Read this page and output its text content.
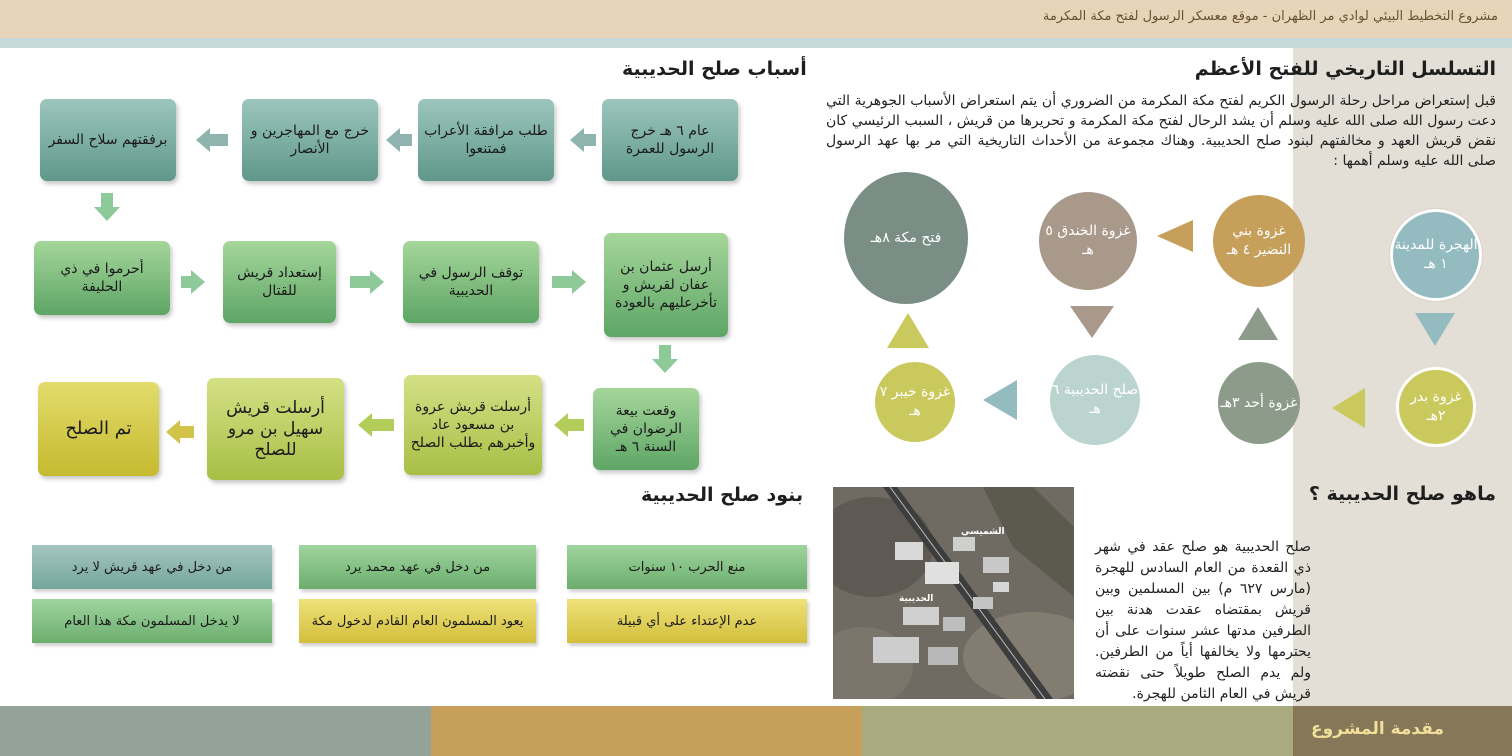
مشروع التخطيط البيئي لوادي مر الظهران - موقع معسكر الرسول لفتح مكة المكرمة
التسلسل التاريخي للفتح الأعظم
قبل إستعراض مراحل رحلة الرسول الكريم لفتح مكة المكرمة من الضروري أن يتم استعراض الأسباب الجوهرية التي دعت رسول الله صلى الله عليه وسلم أن يشد الرحال لفتح مكة المكرمة و تحريرها من قريش ، السبب الرئيسي كان نقض قريش العهد و مخالفتهم لبنود صلح الحديبية. وهناك مجموعة من الأحداث التاريخية التي مر بها عهد الرسول صلى الله عليه وسلم أهمها :
الهجرة للمدينة ١ هـ
غزوة بني النضير ٤ هـ
غزوة الخندق ٥ هـ
فتح مكة ٨هـ
غزوة بدر ٢هـ
غزوة أحد ٣هـ
صلح الحديبية ٦ هـ
غزوة خيبر ٧ هـ
ماهو صلح الحديبية ؟
صلح الحديبية هو صلح عقد في شهر ذي القعدة من العام السادس للهجرة (مارس ٦٢٧ م) بين المسلمين وبين قريش بمقتضاه عقدت هدنة بين الطرفين مدتها عشر سنوات على أن يحترمها ولا يخالفها أياً من الطرفين. ولم يدم الصلح طويلاً حتى نقضته قريش في العام الثامن للهجرة.
الشميسي
الحديبية
أسباب صلح الحديبية
عام ٦ هـ خرج الرسول للعمرة
طلب مرافقة الأعراب فمتنعوا
خرج مع المهاجرين و الأنصار
برفقتهم سلاح السفر
أحرموا في ذي الحليفة
إستعداد قريش للقتال
توقف الرسول في الحديبية
أرسل عثمان بن عفان لقريش و تأخرعليهم بالعودة
وقعت بيعة الرضوان في السنة ٦ هـ
أرسلت قريش عروة بن مسعود عاد وأخبرهم بطلب الصلح
أرسلت قريش سهيل بن مرو للصلح
تم الصلح
بنود صلح الحديبية
منع الحرب ١٠ سنوات
من دخل في عهد محمد يرد
من دخل في عهد قريش لا يرد
عدم الإعتداء على أي قبيلة
يعود المسلمون العام القادم لدخول مكة
لا يدخل المسلمون مكة هذا العام
مقدمة المشروع
